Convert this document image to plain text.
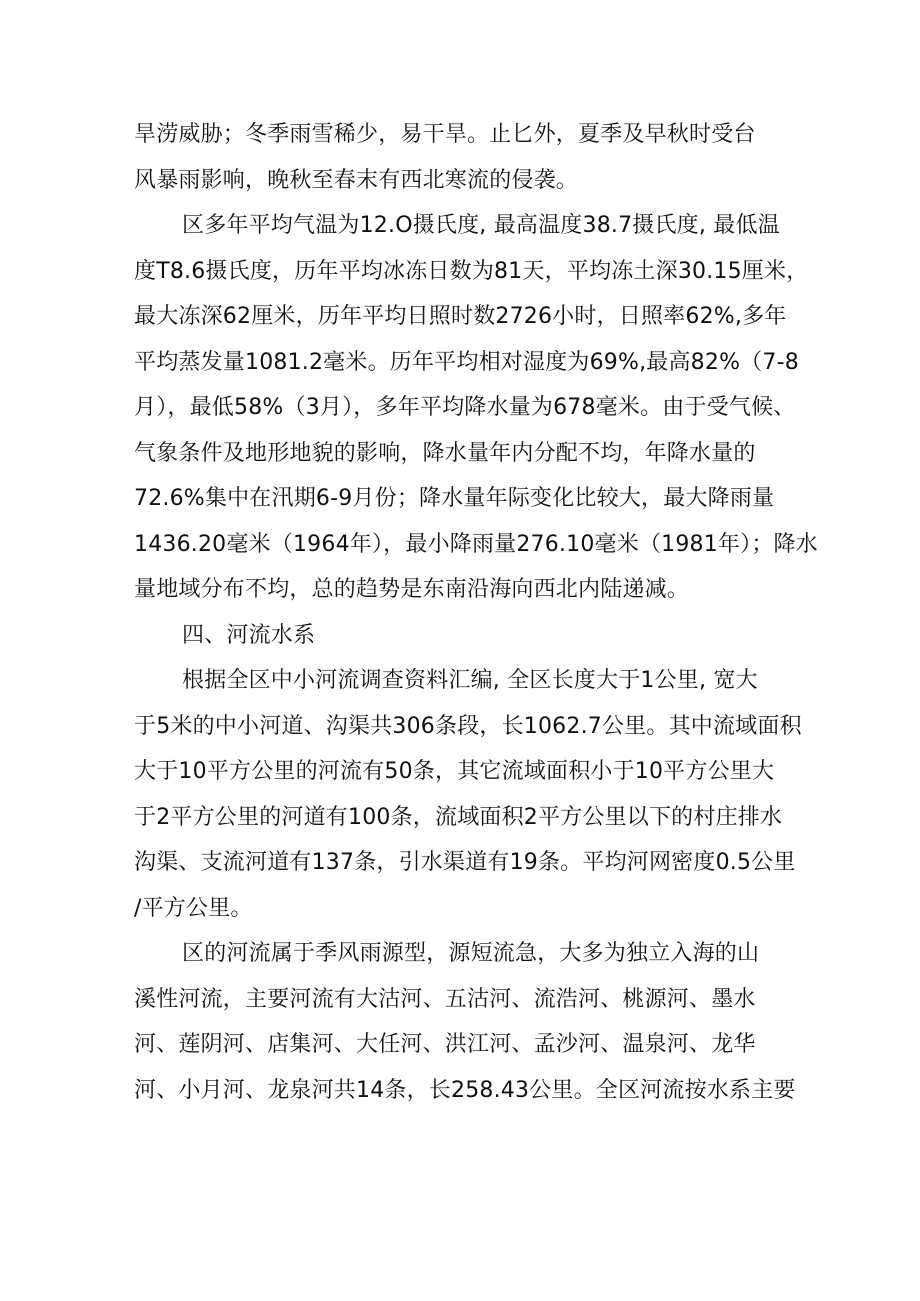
旱涝威胁；冬季雨雪稀少，易干旱。止匕外，夏季及早秋时受台
风暴雨影响，晚秋至春末有西北寒流的侵袭。
区多年平均气温为12.O摄氏度, 最高温度38.7摄氏度, 最低温
度T8.6摄氏度，历年平均冰冻日数为81天，平均冻土深30.15厘米，
最大冻深62厘米，历年平均日照时数2726小时，日照率62%,多年
平均蒸发量1081.2毫米。历年平均相对湿度为69%,最高82%（7-8
月），最低58%（3月），多年平均降水量为678毫米。由于受气候、
气象条件及地形地貌的影响，降水量年内分配不均，年降水量的
72.6%集中在汛期6-9月份；降水量年际变化比较大，最大降雨量
1436.20毫米（1964年），最小降雨量276.10毫米（1981年）；降水
量地域分布不均，总的趋势是东南沿海向西北内陆递减。
四、河流水系
根据全区中小河流调查资料汇编, 全区长度大于1公里, 宽大
于5米的中小河道、沟渠共306条段，长1062.7公里。其中流域面积
大于10平方公里的河流有50条，其它流域面积小于10平方公里大
于2平方公里的河道有100条，流域面积2平方公里以下的村庄排水
沟渠、支流河道有137条，引水渠道有19条。平均河网密度0.5公里
/平方公里。
区的河流属于季风雨源型，源短流急，大多为独立入海的山
溪性河流，主要河流有大沽河、五沽河、流浩河、桃源河、墨水
河、莲阴河、店集河、大任河、洪江河、孟沙河、温泉河、龙华
河、小月河、龙泉河共14条，长258.43公里。全区河流按水系主要
